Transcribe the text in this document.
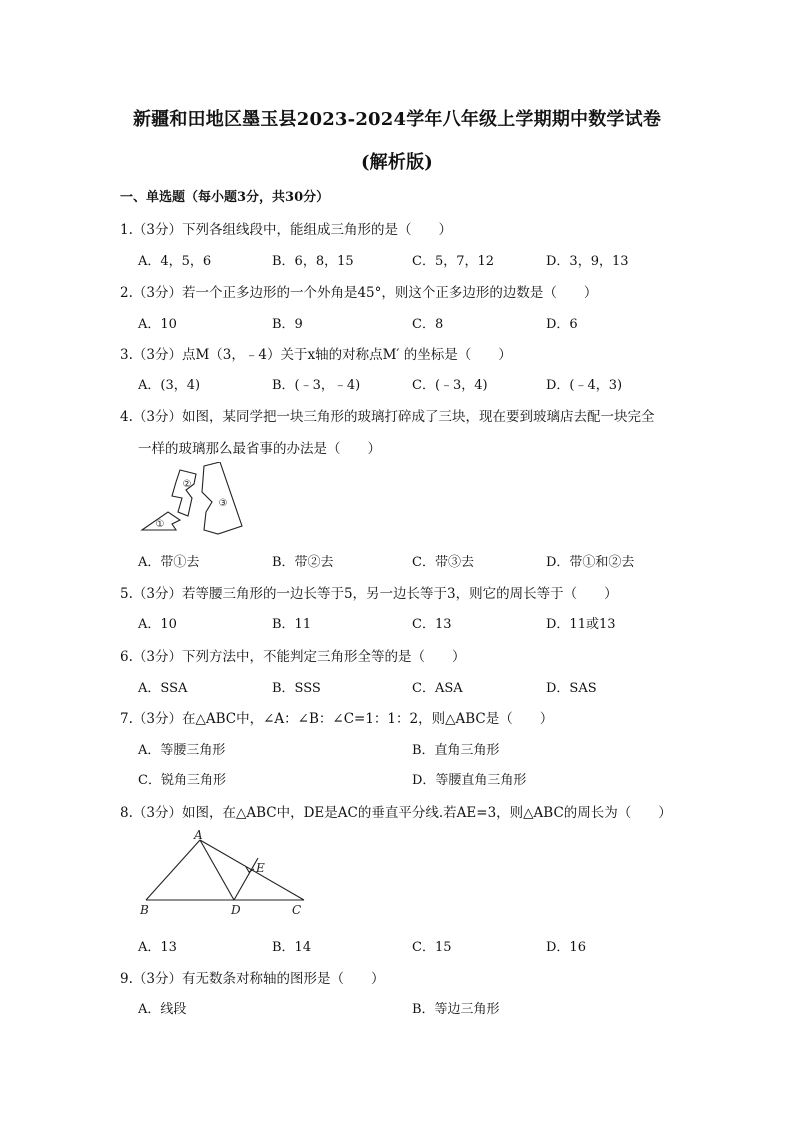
新疆和田地区墨玉县2023-2024学年八年级上学期期中数学试卷
(解析版)
一、单选题（每小题3分，共30分）
1.（3分）下列各组线段中，能组成三角形的是（　　）
A．4，5，6	B．6，8，15	C．5，7，12	D．3，9，13
2.（3分）若一个正多边形的一个外角是45°，则这个正多边形的边数是（　　）
A．10	B．9	C．8	D．6
3.（3分）点M（3，﹣4）关于x轴的对称点M′ 的坐标是（　　）
A．(3，4)	B．(﹣3，﹣4)	C．(﹣3，4)	D．(﹣4，3)
4.（3分）如图，某同学把一块三角形的玻璃打碎成了三块，现在要到玻璃店去配一块完全
一样的玻璃那么最省事的办法是（　　）
①
②
③
A．带①去	B．带②去	C．带③去	D．带①和②去
5.（3分）若等腰三角形的一边长等于5，另一边长等于3，则它的周长等于（　　）
A．10	B．11	C．13	D．11或13
6.（3分）下列方法中，不能判定三角形全等的是（　　）
A．SSA	B．SSS	C．ASA	D．SAS
7.（3分）在△ABC中，∠A：∠B：∠C=1：1：2，则△ABC是（　　）
A．等腰三角形	B．直角三角形
C．锐角三角形	D．等腰直角三角形
8.（3分）如图，在△ABC中，DE是AC的垂直平分线.若AE=3，则△ABC的周长为（　　）
A
B	C
D
E
A．13	B．14	C．15	D．16
9.（3分）有无数条对称轴的图形是（　　）
A．线段	B．等边三角形
